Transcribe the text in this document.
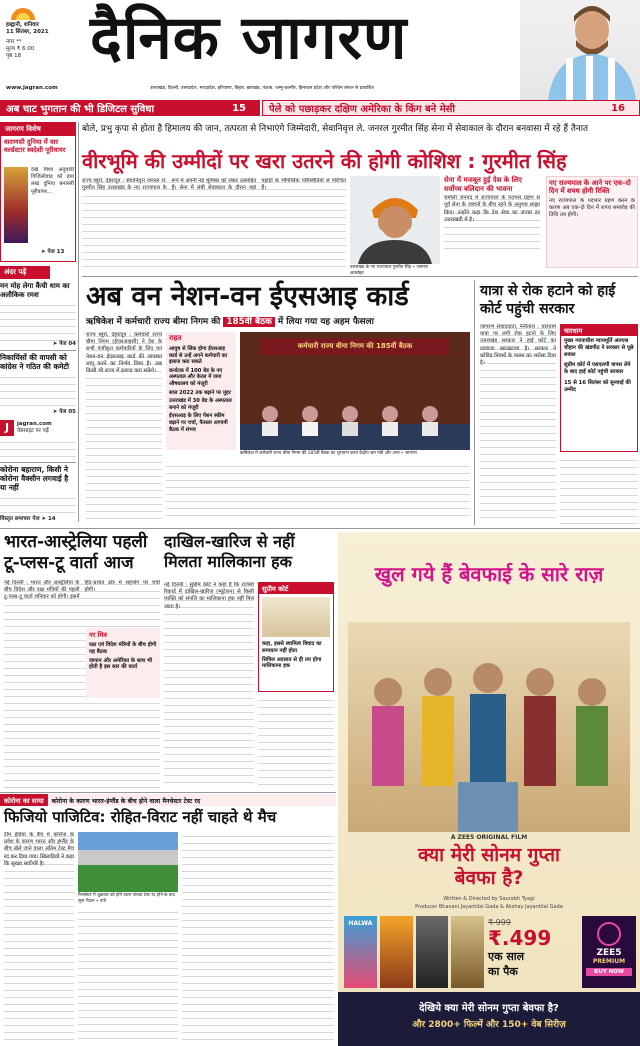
हल्द्वानी, शनिवार
11 सितंबर, 2021
नगर **
मूल्य ₹ 6.00
पृष्ठ 18	दैनिक जागरण
www.jagran.com	उत्तराखंड, दिल्ली, उत्तरप्रदेश, मध्यप्रदेश, हरियाणा, बिहार, झारखंड, पंजाब, जम्मू-कश्मीर, हिमाचल प्रदेश और पश्चिम बंगाल से प्रकाशित
अब चाट भुगतान की भी डिजिटल सुविधा	15 पेले को पछाड़कर दक्षिण अमेरिका के किंग बने मेसी	16
जागरण विशेष
वाराणसी दुनिया में वार वर्ल्डस्टार स्वदेशी पूरीवायर
देखें विश्व अनुवादी विजिलोवाड को डाय लख दुनिया बनारसी पूरीवायर...
➤ पेज 13
अंदर पढ़ें
मन मोह लेगा कैंची धाम का अलौकिक रमश
➤ पेज 04
निकायिंसों की वापसी को कांग्रेस ने गठित की कमेटी
➤ पेज 05
J	jagran.com
वेबसाइट पर पढ़ें
कोरोना बहाराण, किसी ने कोरोना वैक्सीन लगवाई है या नहीं
विस्तृत समाचार पेज ➤ 14
बोले, प्रभु कृपा से होता है हिमालय की जान, तत्परता से निभाएंगे जिम्मेदारी, सेवानिवृत्त ले. जनरल गुरमीत सिंह सेना में सेवाकाल के दौरान बनवासा में रहे हैं तैनात
वीरभूमि की उम्मीदों पर खरा उतरने की होगी कोशिश : गुरमीत सिंह
राज्य ब्यूरो, देहरादून : सेवानिवृत्त जनरल ले. गुरमीत सिंह उत्तराखंड के नए राज्यपाल के रूप में अपनी नई भूमिका को लेकर उत्साहित हैं। सेना में लंबी सेवाकाल के दौरान यहां पहाड़ों के भौगोलिक परिस्थितियों से परिचित हैं।
उत्तराखंड के नए राज्यपाल गुरमीत सिंह • जागरण आर्काइव
सेना में मजबूत हुई देश के लिए सर्वोच्च बलिदान की भावना
चमोली जनपद में राज्यपाल के पदभार ग्रहण से पूर्व सेना के जवानों के बीच रहने के अनुभव साझा किए। उन्होंने कहा कि देश सेवा का जज्बा हर उत्तराखंडी में है।
नए राज्यपाल के आने पर एक-दो दिन में शपथ होगी रिक्ति
नए राज्यपाल के पदभार ग्रहण करने के कारण अब एक-दो दिन में शपथ समारोह की तिथि तय होगी।
अब वन नेशन-वन ईएसआइ कार्ड
ऋषिकेश में कर्मचारी राज्य बीमा निगम की 185वीं बैठक में लिया गया यह अहम फैसला
राज्य ब्यूरो, देहरादून : कर्मचारी राज्य बीमा निगम (ईएसआइसी) ने देश के सभी पंजीकृत कर्मचारियों के लिए वन नेशन-वन ईएसआइ कार्ड की व्यवस्था लागू करने का निर्णय लिया है। अब किसी भी राज्य में इलाज करा सकेंगे।
राहत
आयुष से लिंक होगा ईएसआइ कार्ड से उन्हें अपने कर्मचारी का इलाज करा सकते
कर्नाटक में 100 बेड के नए अस्पताल और केरल में जमा औषधालय को मंजूरी
साल 2022 तक बढ़ाने पर मुहर
उत्तराखंड में 30 बेड के अस्पताल बनाने को मंजूरी
ईएसआइ के लिए पेंशन स्कीम बढ़ाने पर चर्चा, फैसला आगामी बैठक में संभव
कर्मचारी राज्य बीमा निगम की 185वीं बैठक
ऋषिकेश में कर्मचारी राज्य बीमा निगम की 185वीं बैठक का शुभारंभ करते केंद्रीय श्रम मंत्री और अन्य • जागरण
यात्रा से रोक हटाने को हाई कोर्ट पहुंची सरकार
जागरण संवाददाता, नैनीताल : चारधाम यात्रा पर लगी रोक हटाने के लिए उत्तराखंड सरकार ने हाई कोर्ट का दरवाजा खटखटाया है। सरकार ने कोविड नियमों के पालन का भरोसा दिया है।
चारधाम
मुख्य न्यायाधीश न्यायमूर्ति आरएस चौहान की खंडपीठ ने सरकार से पूछे सवाल
सुप्रीम कोर्ट में एसएलपी वापस लेने के बाद हाई कोर्ट पहुंची सरकार
15 से 16 सितंबर को सुनवाई की उम्मीद
भारत-आस्ट्रेलिया पहली टू-प्लस-टू वार्ता आज
नई दिल्ली : भारत और आस्ट्रेलिया के बीच विदेश और रक्षा मंत्रियों की पहली टू-प्लस-टू वार्ता शनिवार को होगी। इसमें हिंद-प्रशांत क्षेत्र में सहयोग पर चर्चा होगी।
दाखिल-खारिज से नहीं मिलता मालिकाना हक
नर मित्र
रक्षा एवं विदेश मंत्रियों के बीच होगी यह बैठक
जापान और अमेरिका के साथ भी होती है इस स्तर की वार्ता
नई दिल्ली : सुप्रीम कोर्ट ने कहा है कि राजस्व रिकार्ड में दाखिल-खारिज (म्यूटेशन) से किसी व्यक्ति को संपत्ति का मालिकाना हक नहीं मिल जाता है।
सुप्रीम कोर्ट
कहा, इससे स्वामित्व विवाद का समाधान नहीं होता
सिविल अदालत से ही तय होगा मालिकाना हक
खुल गये हैं बेवफाई के सारे राज़
A ZEE5 ORIGINAL FILM
क्या मेरी सोनम गुप्ता बेवफा है?
Written & Directed by Saurabh Tyagi
Producer Bhavani Jayantilal Gada & Akshay Jayantilal Gada
HALWA	₹ 999
₹.499
एक साल
का पैक
ZEE5
PREMIUM
BUY NOW
देखिये क्या मेरी सोनम गुप्ता बेवफा है?
और 2800+ फिल्में और 150+ वेब सिरीज़
कोरोना का साया	कोरोना के कारण भारत-इंग्लैंड के बीच होने वाला मैनचेस्टर टेस्ट रद
फिजियो पाजिटिव: रोहित-विराट नहीं चाहते थे मैच
टीम इंडिया के बैच में कोरोना के प्रवेश के कारण भारत और इंग्लैंड के बीच खेले जाने वाला अंतिम टेस्ट मैच रद कर दिया गया। खिलाड़ियों ने कहा कि सुरक्षा सर्वोपरि है।
मैनचेस्टर में शुक्रवार को होने वाला पांचवां टेस्ट रद होने के बाद सूना मैदान • एपी
